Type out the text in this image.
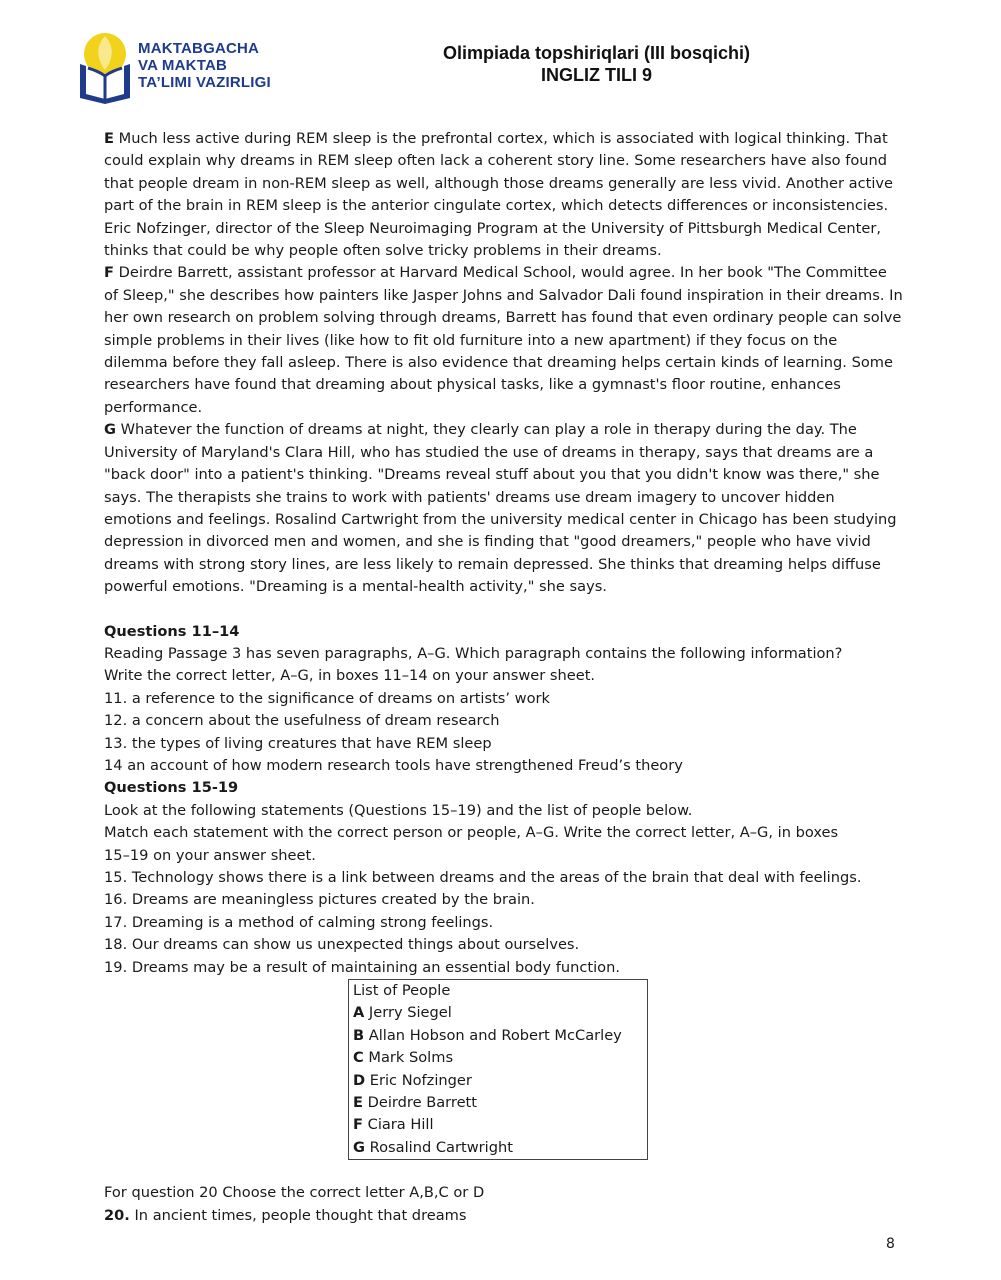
MAKTABGACHA
VA MAKTAB
TA’LIMI VAZIRLIGI
Olimpiada topshiriqlari (III bosqichi)
INGLIZ TILI 9

E Much less active during REM sleep is the prefrontal cortex, which is associated with logical thinking. That could explain why dreams in REM sleep often lack a coherent story line. Some researchers have also found that people dream in non-REM sleep as well, although those dreams generally are less vivid. Another active part of the brain in REM sleep is the anterior cingulate cortex, which detects differences or inconsistencies. Eric Nofzinger, director of the Sleep Neuroimaging Program at the University of Pittsburgh Medical Center, thinks that could be why people often solve tricky problems in their dreams.

F Deirdre Barrett, assistant professor at Harvard Medical School, would agree. In her book "The Committee of Sleep," she describes how painters like Jasper Johns and Salvador Dali found inspiration in their dreams. In her own research on problem solving through dreams, Barrett has found that even ordinary people can solve simple problems in their lives (like how to fit old furniture into a new apartment) if they focus on the dilemma before they fall asleep. There is also evidence that dreaming helps certain kinds of learning. Some researchers have found that dreaming about physical tasks, like a gymnast's floor routine, enhances performance.

G Whatever the function of dreams at night, they clearly can play a role in therapy during the day. The University of Maryland's Clara Hill, who has studied the use of dreams in therapy, says that dreams are a "back door" into a patient's thinking. "Dreams reveal stuff about you that you didn't know was there," she says. The therapists she trains to work with patients' dreams use dream imagery to uncover hidden emotions and feelings. Rosalind Cartwright from the university medical center in Chicago has been studying depression in divorced men and women, and she is finding that "good dreamers," people who have vivid dreams with strong story lines, are less likely to remain depressed. She thinks that dreaming helps diffuse powerful emotions. "Dreaming is a mental-health activity," she says.

Questions 11–14

Reading Passage 3 has seven paragraphs, A–G. Which paragraph contains the following information?

Write the correct letter, A–G, in boxes 11–14 on your answer sheet.

11. a reference to the significance of dreams on artists’ work

12. a concern about the usefulness of dream research

13. the types of living creatures that have REM sleep

14 an account of how modern research tools have strengthened Freud’s theory

Questions 15-19

Look at the following statements (Questions 15–19) and the list of people below.

Match each statement with the correct person or people, A–G. Write the correct letter, A–G, in boxes

15–19 on your answer sheet.

15. Technology shows there is a link between dreams and the areas of the brain that deal with feelings.

16. Dreams are meaningless pictures created by the brain.

17. Dreaming is a method of calming strong feelings.

18. Our dreams can show us unexpected things about ourselves.

19. Dreams may be a result of maintaining an essential body function.

List of People

A Jerry Siegel

B Allan Hobson and Robert McCarley

C Mark Solms

D Eric Nofzinger

E Deirdre Barrett

F Ciara Hill

G Rosalind Cartwright

For question 20 Choose the correct letter A,B,C or D

20. In ancient times, people thought that dreams

8
